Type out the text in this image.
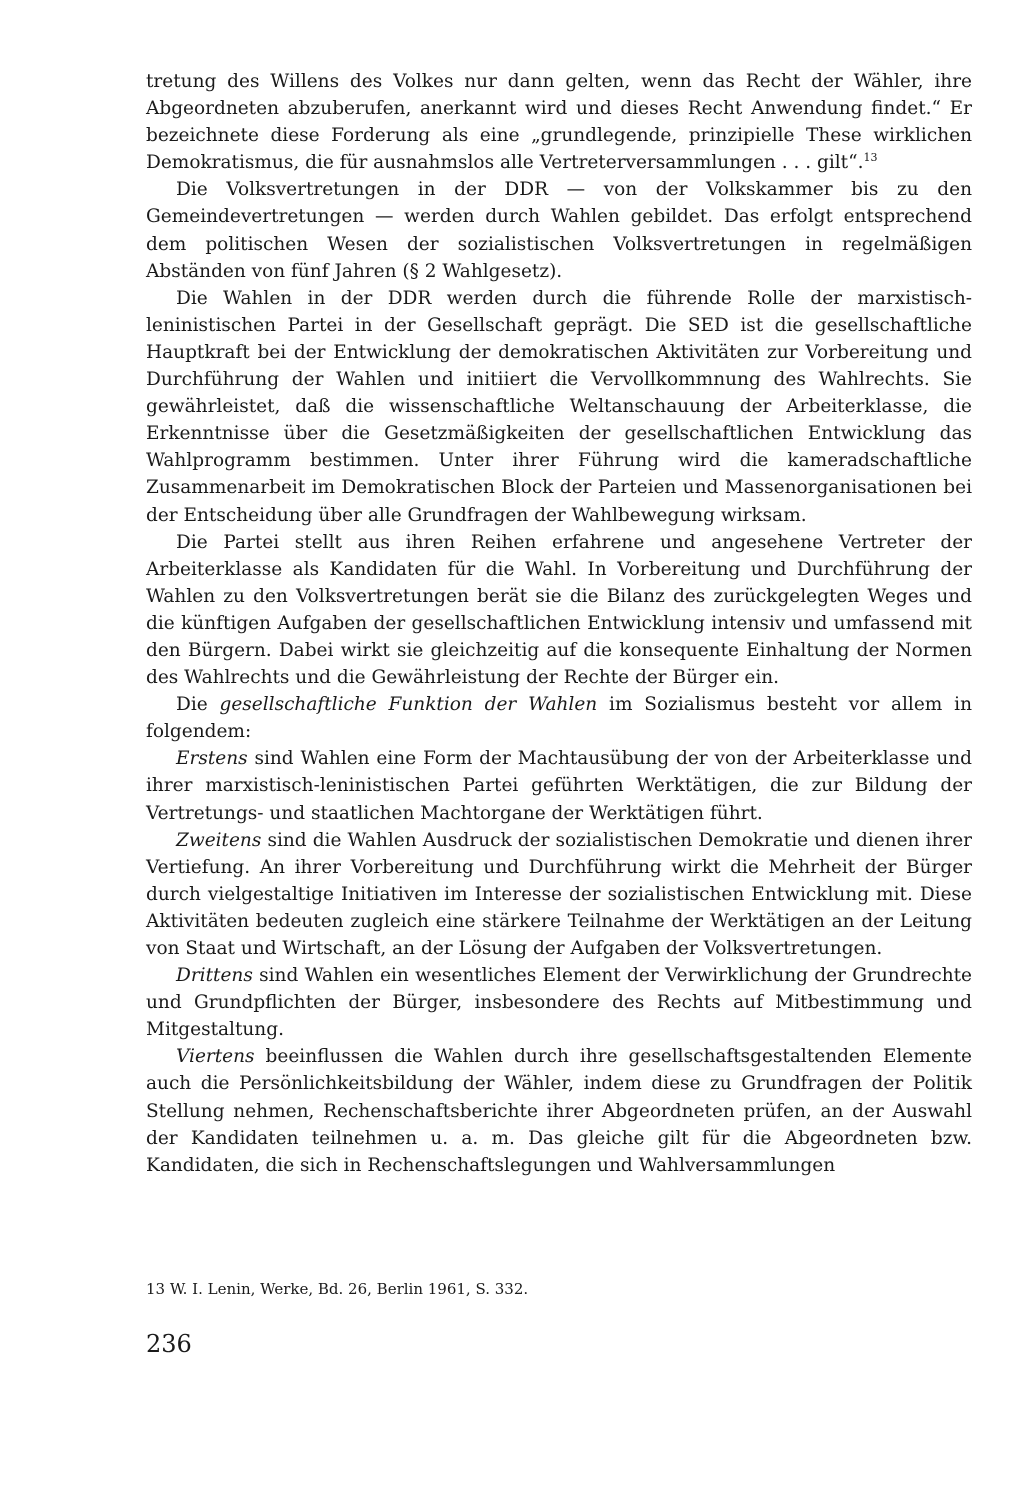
tretung des Willens des Volkes nur dann gelten, wenn das Recht der Wähler, ihre Abgeordneten abzuberufen, anerkannt wird und dieses Recht Anwendung findet.“ Er bezeichnete diese Forderung als eine „grundlegende, prinzipielle These wirklichen Demokratismus, die für ausnahmslos alle Vertreterversammlungen . . . gilt“.$^{13}$

Die Volksvertretungen in der DDR — von der Volkskammer bis zu den Gemeindevertretungen — werden durch Wahlen gebildet. Das erfolgt entsprechend dem politischen Wesen der sozialistischen Volksvertretungen in regelmäßigen Abständen von fünf Jahren (§ 2 Wahlgesetz).

Die Wahlen in der DDR werden durch die führende Rolle der marxistisch-leninistischen Partei in der Gesellschaft geprägt. Die SED ist die gesellschaftliche Hauptkraft bei der Entwicklung der demokratischen Aktivitäten zur Vorbereitung und Durchführung der Wahlen und initiiert die Vervollkommnung des Wahlrechts. Sie gewährleistet, daß die wissenschaftliche Weltanschauung der Arbeiterklasse, die Erkenntnisse über die Gesetzmäßigkeiten der gesellschaftlichen Entwicklung das Wahlprogramm bestimmen. Unter ihrer Führung wird die kameradschaftliche Zusammenarbeit im Demokratischen Block der Parteien und Massenorganisationen bei der Entscheidung über alle Grundfragen der Wahlbewegung wirksam.

Die Partei stellt aus ihren Reihen erfahrene und angesehene Vertreter der Arbeiterklasse als Kandidaten für die Wahl. In Vorbereitung und Durchführung der Wahlen zu den Volksvertretungen berät sie die Bilanz des zurückgelegten Weges und die künftigen Aufgaben der gesellschaftlichen Entwicklung intensiv und umfassend mit den Bürgern. Dabei wirkt sie gleichzeitig auf die konsequente Einhaltung der Normen des Wahlrechts und die Gewährleistung der Rechte der Bürger ein.

Die gesellschaftliche Funktion der Wahlen im Sozialismus besteht vor allem in folgendem:

Erstens sind Wahlen eine Form der Machtausübung der von der Arbeiterklasse und ihrer marxistisch-leninistischen Partei geführten Werktätigen, die zur Bildung der Vertretungs- und staatlichen Machtorgane der Werktätigen führt.

Zweitens sind die Wahlen Ausdruck der sozialistischen Demokratie und dienen ihrer Vertiefung. An ihrer Vorbereitung und Durchführung wirkt die Mehrheit der Bürger durch vielgestaltige Initiativen im Interesse der sozialistischen Entwicklung mit. Diese Aktivitäten bedeuten zugleich eine stärkere Teilnahme der Werktätigen an der Leitung von Staat und Wirtschaft, an der Lösung der Aufgaben der Volksvertretungen.

Drittens sind Wahlen ein wesentliches Element der Verwirklichung der Grundrechte und Grundpflichten der Bürger, insbesondere des Rechts auf Mitbestimmung und Mitgestaltung.

Viertens beeinflussen die Wahlen durch ihre gesellschaftsgestaltenden Elemente auch die Persönlichkeitsbildung der Wähler, indem diese zu Grundfragen der Politik Stellung nehmen, Rechenschaftsberichte ihrer Abgeordneten prüfen, an der Auswahl der Kandidaten teilnehmen u. a. m. Das gleiche gilt für die Abgeordneten bzw. Kandidaten, die sich in Rechenschaftslegungen und Wahlversammlungen

13 W. I. Lenin, Werke, Bd. 26, Berlin 1961, S. 332.
236
